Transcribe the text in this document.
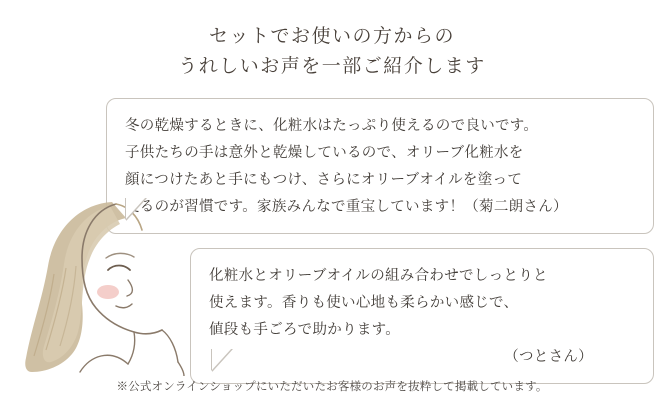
セットでお使いの方からの
うれしいお声を一部ご紹介します
冬の乾燥するときに、化粧水はたっぷり使えるので良いです。
子供たちの手は意外と乾燥しているので、オリーブ化粧水を
顔につけたあと手にもつけ、さらにオリーブオイルを塗って
寝るのが習慣です。家族みんなで重宝しています！（菊二朗さん）
化粧水とオリーブオイルの組み合わせでしっとりと
使えます。香りも使い心地も柔らかい感じで、
値段も手ごろで助かります。
（つとさん）
※公式オンラインショップにいただいたお客様のお声を抜粋して掲載しています。
